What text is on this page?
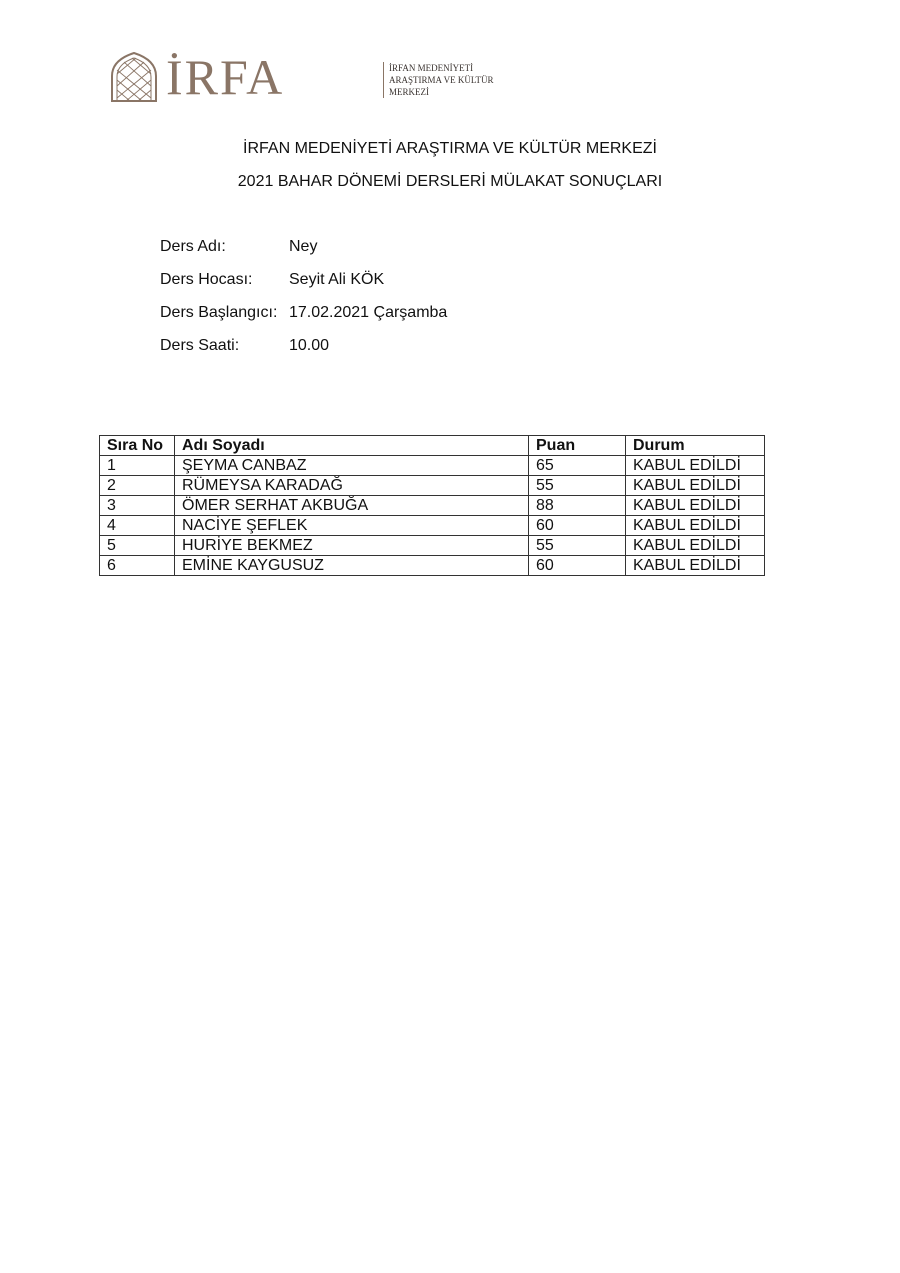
İRFA	İRFAN MEDENİYETİ
ARAŞTIRMA VE KÜLTÜR
MERKEZİ
İRFAN MEDENİYETİ ARAŞTIRMA VE KÜLTÜR MERKEZİ
2021 BAHAR DÖNEMİ DERSLERİ MÜLAKAT SONUÇLARI
Ders Adı:	Ney
Ders Hocası:	Seyit Ali KÖK
Ders Başlangıcı: 17.02.2021 Çarşamba
Ders Saati:	10.00
Sıra No	Adı Soyadı	Puan	Durum
1	ŞEYMA CANBAZ	65	KABUL EDİLDİ
2	RÜMEYSA KARADAĞ	55	KABUL EDİLDİ
3	ÖMER SERHAT AKBUĞA	88	KABUL EDİLDİ
4	NACİYE ŞEFLEK	60	KABUL EDİLDİ
5	HURİYE BEKMEZ	55	KABUL EDİLDİ
6	EMİNE KAYGUSUZ	60	KABUL EDİLDİ
